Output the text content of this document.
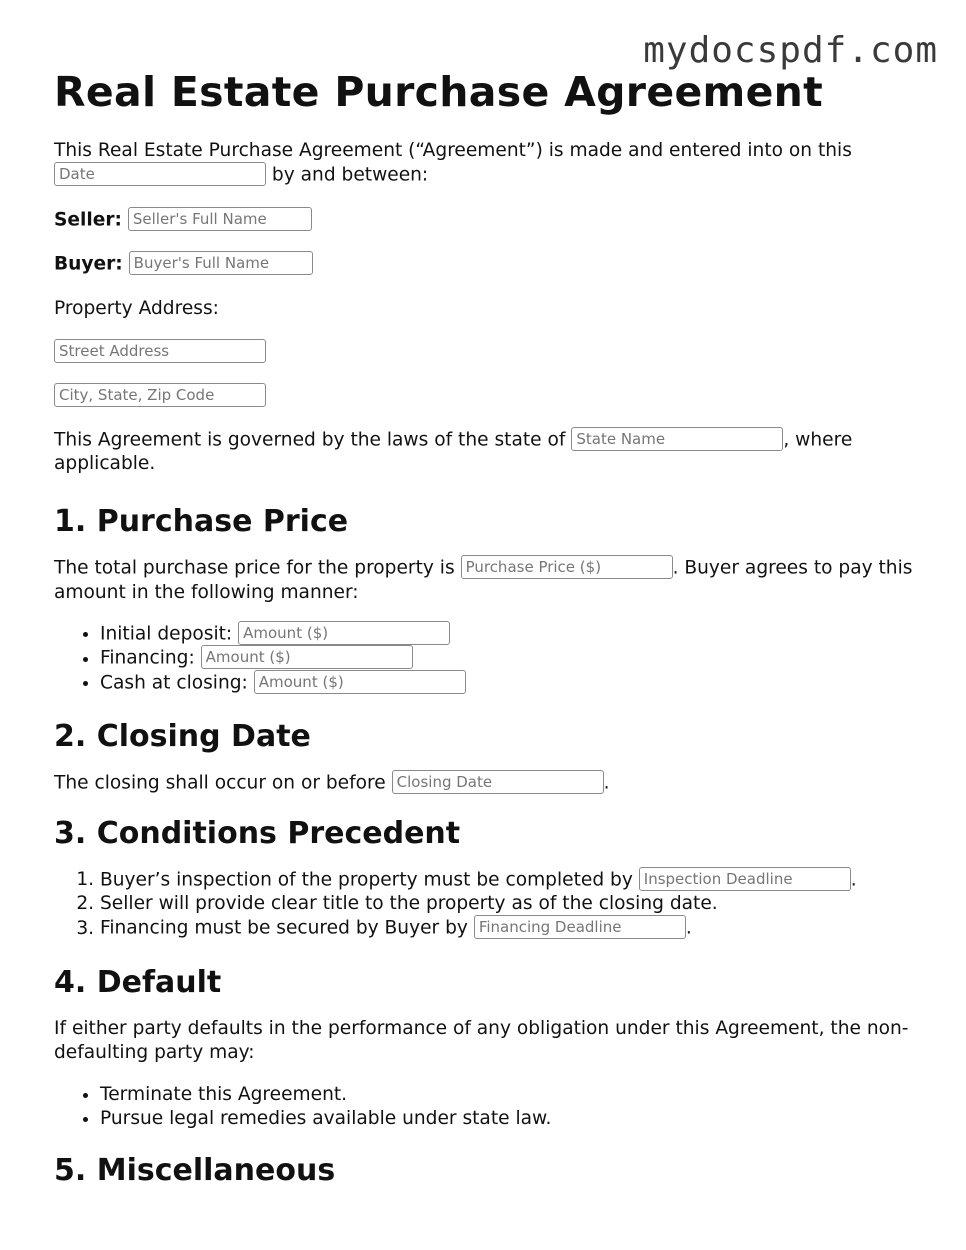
mydocspdf.com
Real Estate Purchase Agreement

This Real Estate Purchase Agreement (“Agreement”) is made and entered into on this
Date by and between:

Seller: Seller's Full Name

Buyer: Buyer's Full Name

Property Address:

Street Address

City, State, Zip Code

This Agreement is governed by the laws of the state of State Name	, where applicable.

1. Purchase Price

The total purchase price for the property is Purchase Price ($)	. Buyer agrees to pay this amount in the following manner:

• Initial deposit: Amount ($)
• Financing: Amount ($)
• Cash at closing: Amount ($)
2. Closing Date

The closing shall occur on or before Closing Date	.

3. Conditions Precedent
1. Buyer’s inspection of the property must be completed by Inspection Deadline	.
2. Seller will provide clear title to the property as of the closing date.
3. Financing must be secured by Buyer by Financing Deadline	.
4. Default

If either party defaults in the performance of any obligation under this Agreement, the non-defaulting party may:

• Terminate this Agreement.
• Pursue legal remedies available under state law.
5. Miscellaneous
